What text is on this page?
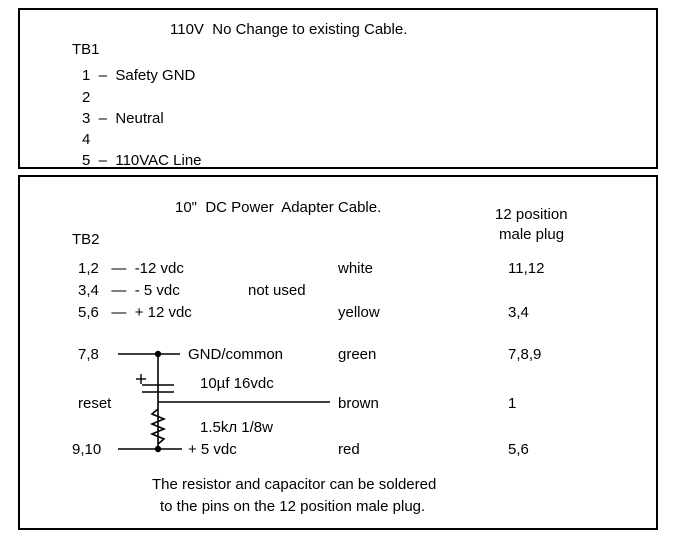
110V  No Change to existing Cable.
TB1
1  –  Safety GND
2
3  –  Neutral
4
5  –  110VAC Line
10"  DC Power  Adapter Cable.	12 position
male plug
TB2
1,2   —  -12 vdc	white	11,12
3,4   —  - 5 vdc	not used
5,6   —  + 12 vdc	yellow	3,4
7,8	GND/common	green	7,8,9
10µf 16vdc
reset	brown	1
1.5kл 1/8w
9,10	+ 5 vdc	red	5,6
The resistor and capacitor can be soldered
to the pins on the 12 position male plug.
